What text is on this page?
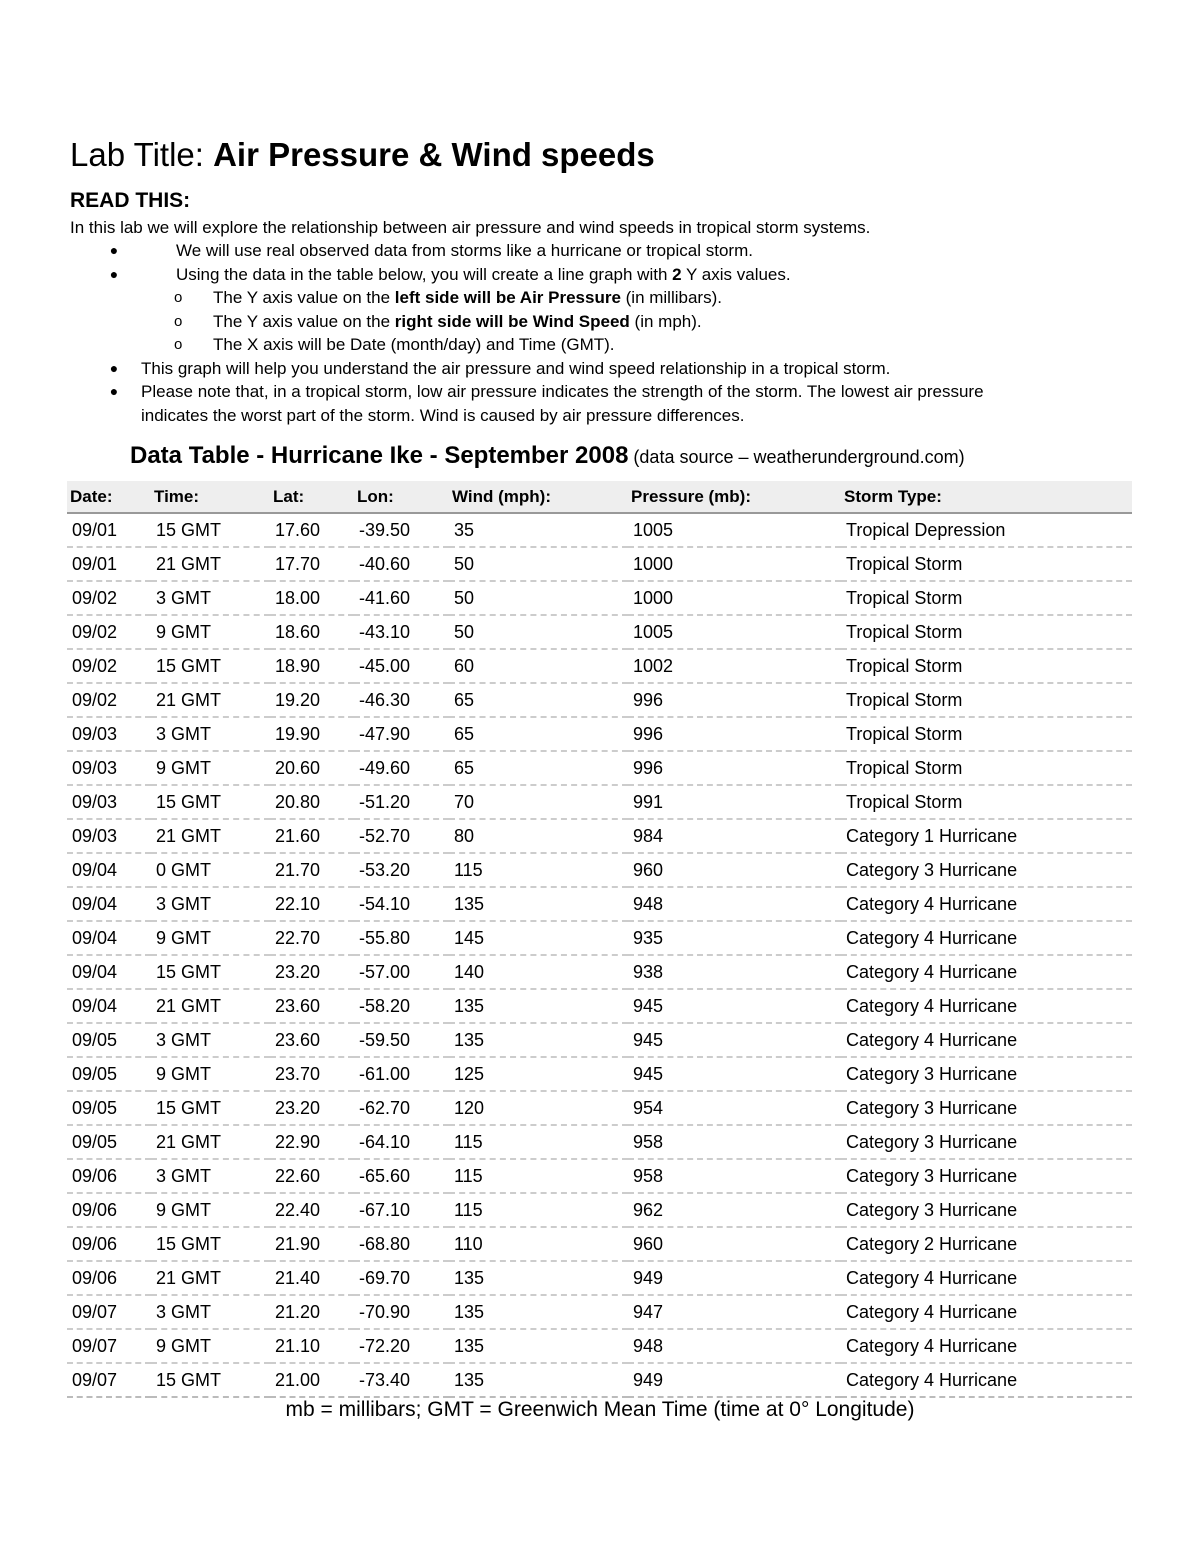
Lab Title: Air Pressure & Wind speeds
READ THIS:
In this lab we will explore the relationship between air pressure and wind speeds in tropical storm systems.
●	We will use real observed data from storms like a hurricane or tropical storm.
●	Using the data in the table below, you will create a line graph with 2 Y axis values.
o The Y axis value on the left side will be Air Pressure (in millibars).
o The Y axis value on the right side will be Wind Speed (in mph).
o The X axis will be Date (month/day) and Time (GMT).
●	This graph will help you understand the air pressure and wind speed relationship in a tropical storm.
●	Please note that, in a tropical storm, low air pressure indicates the strength of the storm. The lowest air pressure
indicates the worst part of the storm. Wind is caused by air pressure differences.
Data Table - Hurricane Ike - September 2008 (data source – weatherunderground.com)
Date:	Time:	Lat:	Lon:	Wind (mph):	Pressure (mb):	Storm Type:
09/01	15 GMT	17.60	-39.50	35	1005	Tropical Depression
09/01	21 GMT	17.70	-40.60	50	1000	Tropical Storm
09/02	3 GMT	18.00	-41.60	50	1000	Tropical Storm
09/02	9 GMT	18.60	-43.10	50	1005	Tropical Storm
09/02	15 GMT	18.90	-45.00	60	1002	Tropical Storm
09/02	21 GMT	19.20	-46.30	65	996	Tropical Storm
09/03	3 GMT	19.90	-47.90	65	996	Tropical Storm
09/03	9 GMT	20.60	-49.60	65	996	Tropical Storm
09/03	15 GMT	20.80	-51.20	70	991	Tropical Storm
09/03	21 GMT	21.60	-52.70	80	984	Category 1 Hurricane
09/04	0 GMT	21.70	-53.20	115	960	Category 3 Hurricane
09/04	3 GMT	22.10	-54.10	135	948	Category 4 Hurricane
09/04	9 GMT	22.70	-55.80	145	935	Category 4 Hurricane
09/04	15 GMT	23.20	-57.00	140	938	Category 4 Hurricane
09/04	21 GMT	23.60	-58.20	135	945	Category 4 Hurricane
09/05	3 GMT	23.60	-59.50	135	945	Category 4 Hurricane
09/05	9 GMT	23.70	-61.00	125	945	Category 3 Hurricane
09/05	15 GMT	23.20	-62.70	120	954	Category 3 Hurricane
09/05	21 GMT	22.90	-64.10	115	958	Category 3 Hurricane
09/06	3 GMT	22.60	-65.60	115	958	Category 3 Hurricane
09/06	9 GMT	22.40	-67.10	115	962	Category 3 Hurricane
09/06	15 GMT	21.90	-68.80	110	960	Category 2 Hurricane
09/06	21 GMT	21.40	-69.70	135	949	Category 4 Hurricane
09/07	3 GMT	21.20	-70.90	135	947	Category 4 Hurricane
09/07	9 GMT	21.10	-72.20	135	948	Category 4 Hurricane
09/07	15 GMT	21.00	-73.40	135	949	Category 4 Hurricane
mb = millibars; GMT = Greenwich Mean Time (time at 0° Longitude)
